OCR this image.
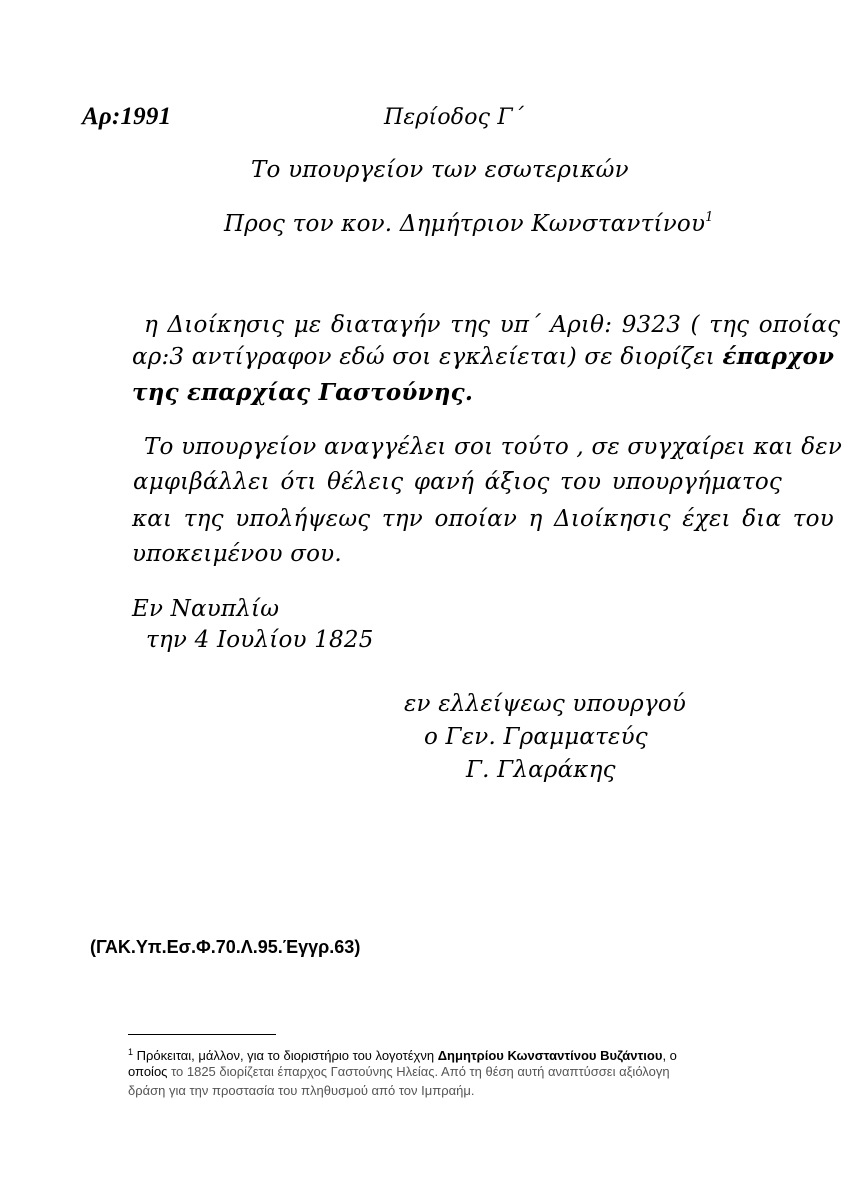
Αρ:1991	Περίοδος Γ΄
Το υπουργείον των εσωτερικών
Προς τον κον. Δημήτριον Κωνσταντίνου$^1$
η Διοίκησις με διαταγήν της υπ΄ Αριθ: 9323 ( της οποίας
αρ:3 αντίγραφον εδώ σοι εγκλείεται) σε διορίζει έπαρχον
της επαρχίας Γαστούνης.
Το υπουργείον αναγγέλει σοι τούτο , σε συγχαίρει και δεν
αμφιβάλλει ότι θέλεις φανή άξιος του υπουργήματος
και της υπολήψεως την οποίαν η Διοίκησις έχει δια του
υποκειμένου σου.
Εν Ναυπλίω
την 4 Ιουλίου 1825
εν ελλείψεως υπουργού
ο Γεν. Γραμματεύς
Γ. Γλαράκης
(ΓΑΚ.Υπ.Εσ.Φ.70.Λ.95.Έγγρ.63)
$^1$ Πρόκειται, μάλλον, για το διοριστήριο του λογοτέχνη Δημητρίου Κωνσταντίνου Βυζάντιου, ο
οποίος το 1825 διορίζεται έπαρχος Γαστούνης Ηλείας. Από τη θέση αυτή αναπτύσσει αξιόλογη
δράση για την προστασία του πληθυσμού από τον Ιμπραήμ.
